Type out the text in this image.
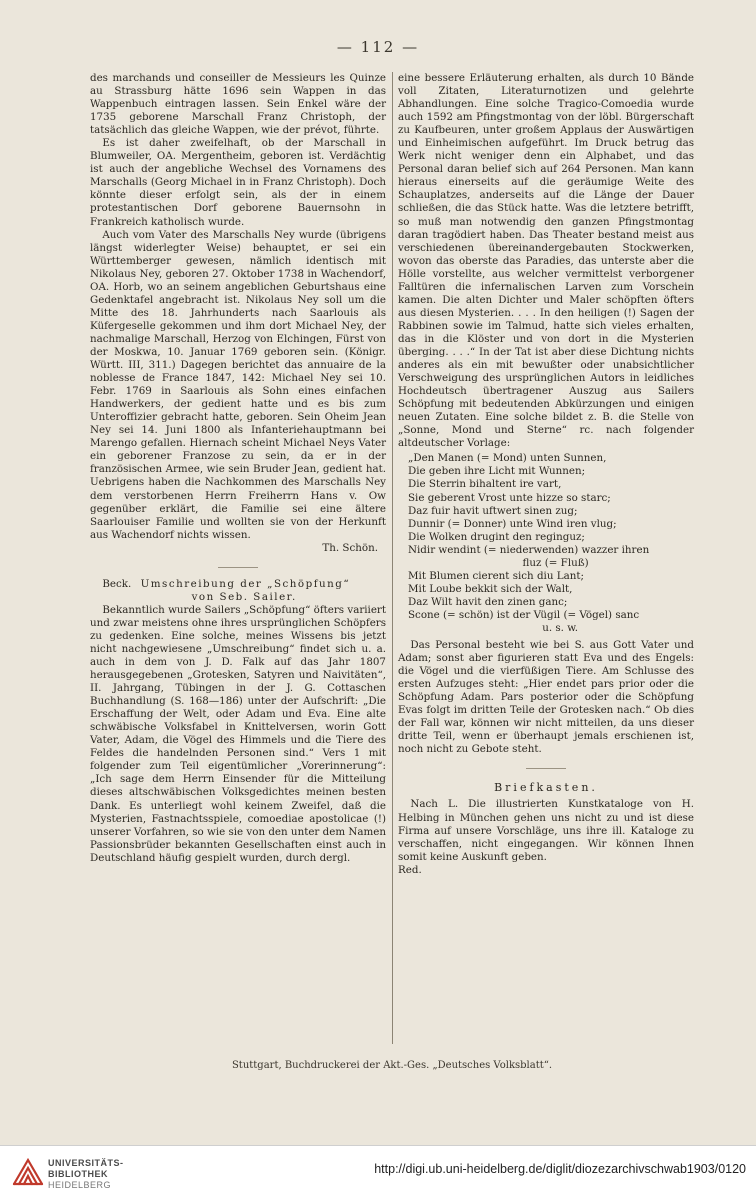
— 112 —

des marchands und conseiller de Messieurs les Quinze au Strassburg hätte 1696 sein Wappen in das Wappenbuch eintragen lassen. Sein Enkel wäre der 1735 geborene Marschall Franz Christoph, der tatsächlich das gleiche Wappen, wie der prévot, führte.

Es ist daher zweifelhaft, ob der Marschall in Blumweiler, OA. Mergentheim, geboren ist. Verdächtig ist auch der angebliche Wechsel des Vornamens des Marschalls (Georg Michael in in Franz Christoph). Doch könnte dieser erfolgt sein, als der in einem protestantischen Dorf geborene Bauernsohn in Frankreich katholisch wurde.

Auch vom Vater des Marschalls Ney wurde (übrigens längst widerlegter Weise) behauptet, er sei ein Württemberger gewesen, nämlich identisch mit Nikolaus Ney, geboren 27. Oktober 1738 in Wachendorf, OA. Horb, wo an seinem angeblichen Geburtshaus eine Gedenktafel angebracht ist. Nikolaus Ney soll um die Mitte des 18. Jahrhunderts nach Saarlouis als Küfergeselle gekommen und ihm dort Michael Ney, der nachmalige Marschall, Herzog von Elchingen, Fürst von der Moskwa, 10. Januar 1769 geboren sein. (Königr. Württ. III, 311.) Dagegen berichtet das annuaire de la noblesse de France 1847, 142: Michael Ney sei 10. Febr. 1769 in Saarlouis als Sohn eines einfachen Handwerkers, der gedient hatte und es bis zum Unteroffizier gebracht hatte, geboren. Sein Oheim Jean Ney sei 14. Juni 1800 als Infanteriehauptmann bei Marengo gefallen. Hiernach scheint Michael Neys Vater ein geborener Franzose zu sein, da er in der französischen Armee, wie sein Bruder Jean, gedient hat. Uebrigens haben die Nachkommen des Marschalls Ney dem verstorbenen Herrn Freiherrn Hans v. Ow gegenüber erklärt, die Familie sei eine ältere Saarlouiser Familie und wollten sie von der Herkunft aus Wachendorf nichts wissen.

Th. Schön.

Beck. Umschreibung der „Schöpfung“
von Seb. Sailer.

Bekanntlich wurde Sailers „Schöpfung“ öfters variiert und zwar meistens ohne ihres ursprünglichen Schöpfers zu gedenken. Eine solche, meines Wissens bis jetzt nicht nachgewiesene „Umschreibung“ findet sich u. a. auch in dem von J. D. Falk auf das Jahr 1807 herausgegebenen „Grotesken, Satyren und Naivitäten“, II. Jahrgang, Tübingen in der J. G. Cottaschen Buchhandlung (S. 168—186) unter der Aufschrift: „Die Erschaffung der Welt, oder Adam und Eva. Eine alte schwäbische Volksfabel in Knittelversen, worin Gott Vater, Adam, die Vögel des Himmels und die Tiere des Feldes die handelnden Personen sind.“ Vers 1 mit folgender zum Teil eigentümlicher „Vorerinnerung“: „Ich sage dem Herrn Einsender für die Mitteilung dieses altschwäbischen Volksgedichtes meinen besten Dank. Es unterliegt wohl keinem Zweifel, daß die Mysterien, Fastnachtsspiele, comoediae apostolicae (!) unserer Vorfahren, so wie sie von den unter dem Namen Passionsbrüder bekannten Gesellschaften einst auch in Deutschland häufig gespielt wurden, durch dergl.

eine bessere Erläuterung erhalten, als durch 10 Bände voll Zitaten, Literaturnotizen und gelehrte Abhandlungen. Eine solche Tragico-Comoedia wurde auch 1592 am Pfingstmontag von der löbl. Bürgerschaft zu Kaufbeuren, unter großem Applaus der Auswärtigen und Einheimischen aufgeführt. Im Druck betrug das Werk nicht weniger denn ein Alphabet, und das Personal daran belief sich auf 264 Personen. Man kann hieraus einerseits auf die geräumige Weite des Schauplatzes, anderseits auf die Länge der Dauer schließen, die das Stück hatte. Was die letztere betrifft, so muß man notwendig den ganzen Pfingstmontag daran tragödiert haben. Das Theater bestand meist aus verschiedenen übereinandergebauten Stockwerken, wovon das oberste das Paradies, das unterste aber die Hölle vorstellte, aus welcher vermittelst verborgener Falltüren die infernalischen Larven zum Vorschein kamen. Die alten Dichter und Maler schöpften öfters aus diesen Mysterien. . . . In den heiligen (!) Sagen der Rabbinen sowie im Talmud, hatte sich vieles erhalten, das in die Klöster und von dort in die Mysterien überging. . . .“ In der Tat ist aber diese Dichtung nichts anderes als ein mit bewußter oder unabsichtlicher Verschweigung des ursprünglichen Autors in leidliches Hochdeutsch übertragener Auszug aus Sailers Schöpfung mit bedeutenden Abkürzungen und einigen neuen Zutaten. Eine solche bildet z. B. die Stelle von „Sonne, Mond und Sterne“ rc. nach folgender altdeutscher Vorlage:

„Den Manen (= Mond) unten Sunnen,
Die geben ihre Licht mit Wunnen;
Die Sterrin bihaltent ire vart,
Sie geberent Vrost unte hizze so starc;
Daz fuir havit uftwert sinen zug;
Dunnir (= Donner) unte Wind iren vlug;
Die Wolken drugint den reginguz;
Nidir wendint (= niederwenden) wazzer ihren
fluz (= Fluß)
Mit Blumen cierent sich diu Lant;
Mit Loube bekkit sich der Walt,
Daz Wilt havit den zinen ganc;
Scone (= schön) ist der Vügil (= Vögel) sanc
u. s. w.

Das Personal besteht wie bei S. aus Gott Vater und Adam; sonst aber figurieren statt Eva und des Engels: die Vögel und die vierfüßigen Tiere. Am Schlusse des ersten Aufzuges steht: „Hier endet pars prior oder die Schöpfung Adam. Pars posterior oder die Schöpfung Evas folgt im dritten Teile der Grotesken nach.“ Ob dies der Fall war, können wir nicht mitteilen, da uns dieser dritte Teil, wenn er überhaupt jemals erschienen ist, noch nicht zu Gebote steht.

Briefkasten.

Nach L. Die illustrierten Kunstkataloge von H. Helbing in München gehen uns nicht zu und ist diese Firma auf unsere Vorschläge, uns ihre ill. Kataloge zu verschaffen, nicht eingegangen. Wir können Ihnen somit keine Auskunft geben.

Red.

Stuttgart, Buchdruckerei der Akt.-Ges. „Deutsches Volksblatt“.
UNIVERSITÄTS-
BIBLIOTHEK
HEIDELBERG
http://digi.ub.uni-heidelberg.de/diglit/diozezarchivschwab1903/0120
